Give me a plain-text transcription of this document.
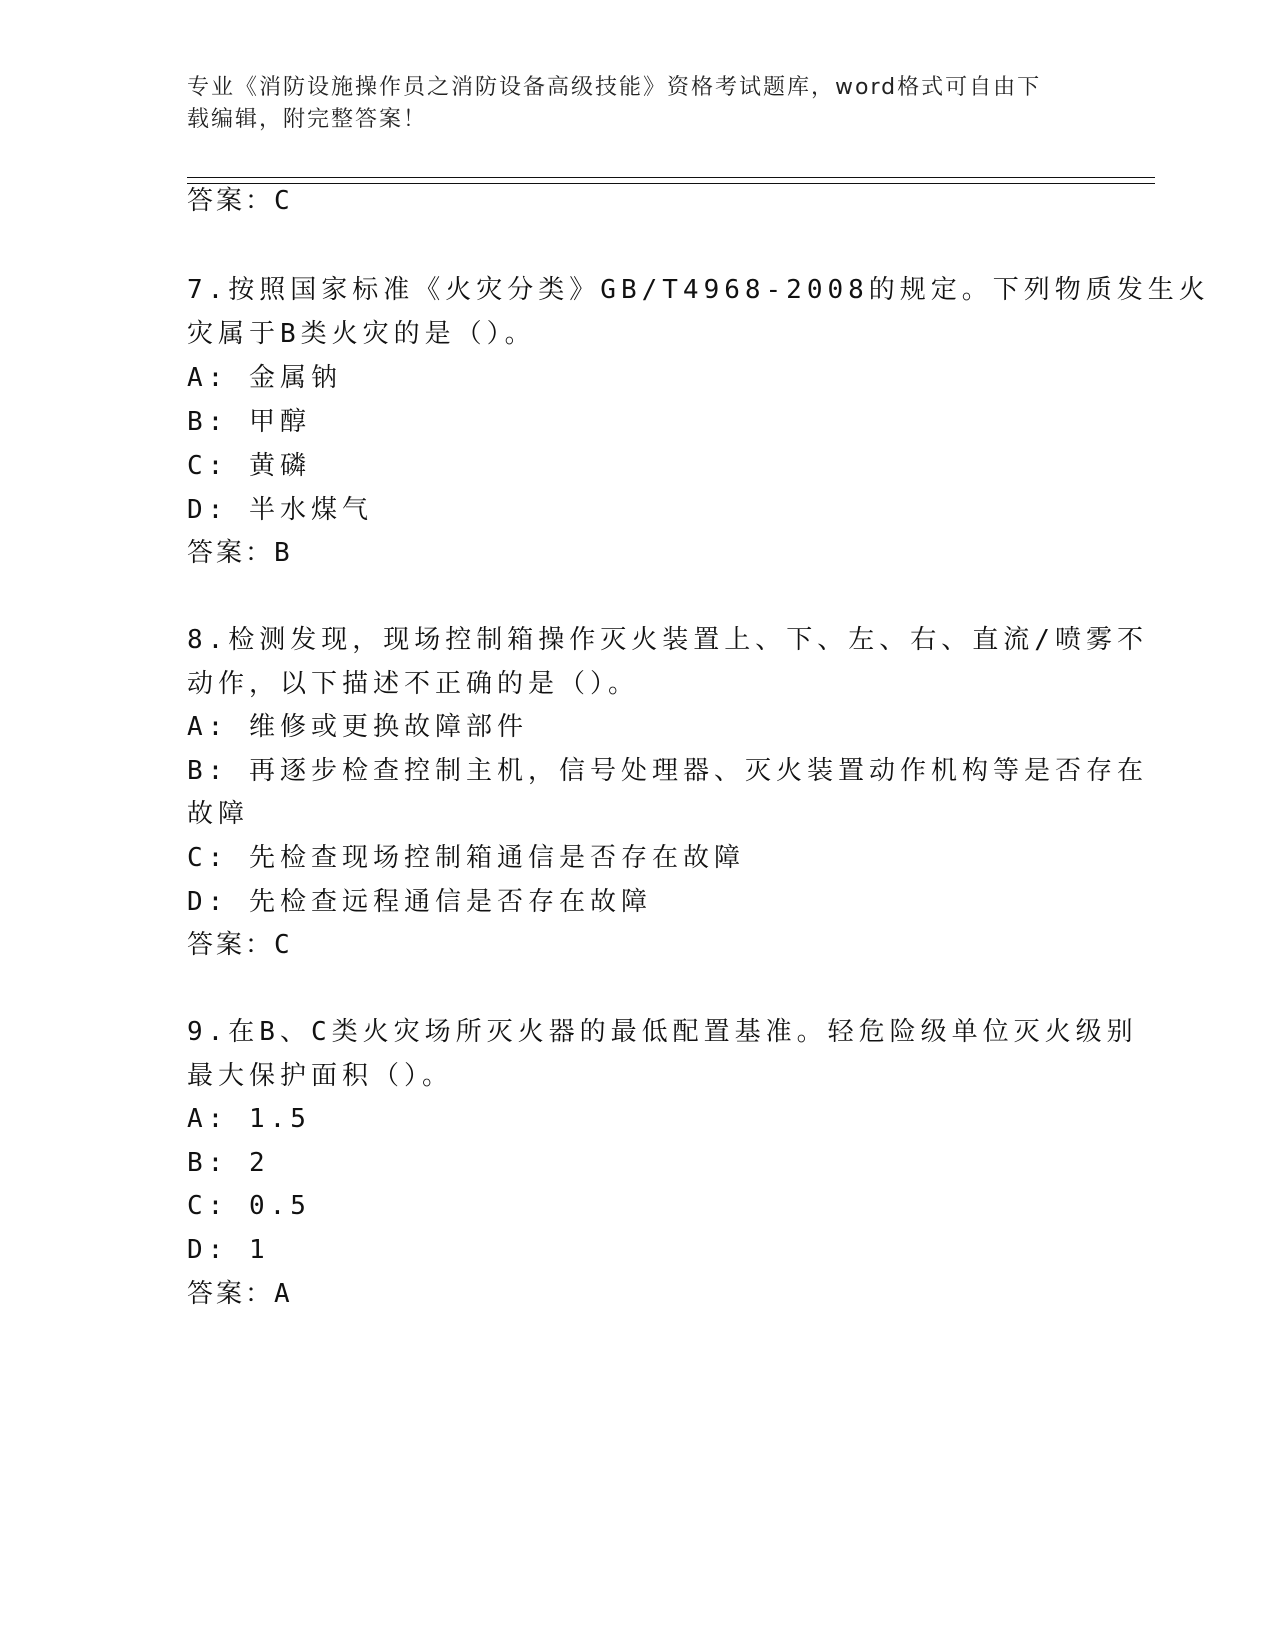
专业《消防设施操作员之消防设备高级技能》资格考试题库，word格式可自由下
载编辑，附完整答案！
答案：C
7.按照国家标准《火灾分类》GB/T4968-2008的规定。下列物质发生火
灾属于B类火灾的是（）。
A: 金属钠
B: 甲醇
C: 黄磷
D: 半水煤气
答案：B
8.检测发现，现场控制箱操作灭火装置上、下、左、右、直流/喷雾不
动作，以下描述不正确的是（）。
A: 维修或更换故障部件
B: 再逐步检查控制主机，信号处理器、灭火装置动作机构等是否存在
故障
C: 先检查现场控制箱通信是否存在故障
D: 先检查远程通信是否存在故障
答案：C
9.在B、C类火灾场所灭火器的最低配置基准。轻危险级单位灭火级别
最大保护面积（）。
A: 1.5
B: 2
C: 0.5
D: 1
答案：A
